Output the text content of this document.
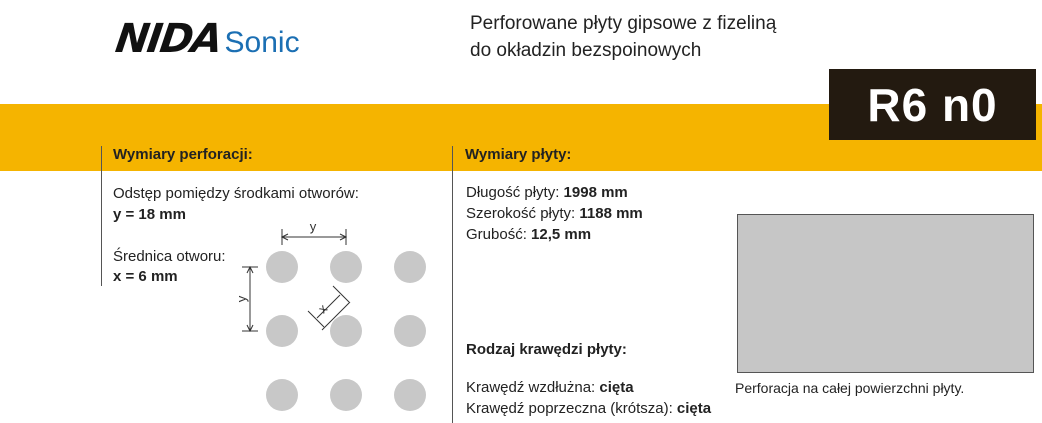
NIDA Sonic
Perforowane płyty gipsowe z fizeliną
do okładzin bezspoinowych
R6 n0
Wymiary perforacji:	Wymiary płyty:
Odstęp pomiędzy środkami otworów:
y = 18 mm
Średnica otworu:
x = 6 mm
y
y
x
Długość płyty: 1998 mm
Szerokość płyty: 1188 mm
Grubość: 12,5 mm
Rodzaj krawędzi płyty:
Krawędź wzdłużna: cięta
Krawędź poprzeczna (krótsza): cięta
Perforacja na całej powierzchni płyty.
